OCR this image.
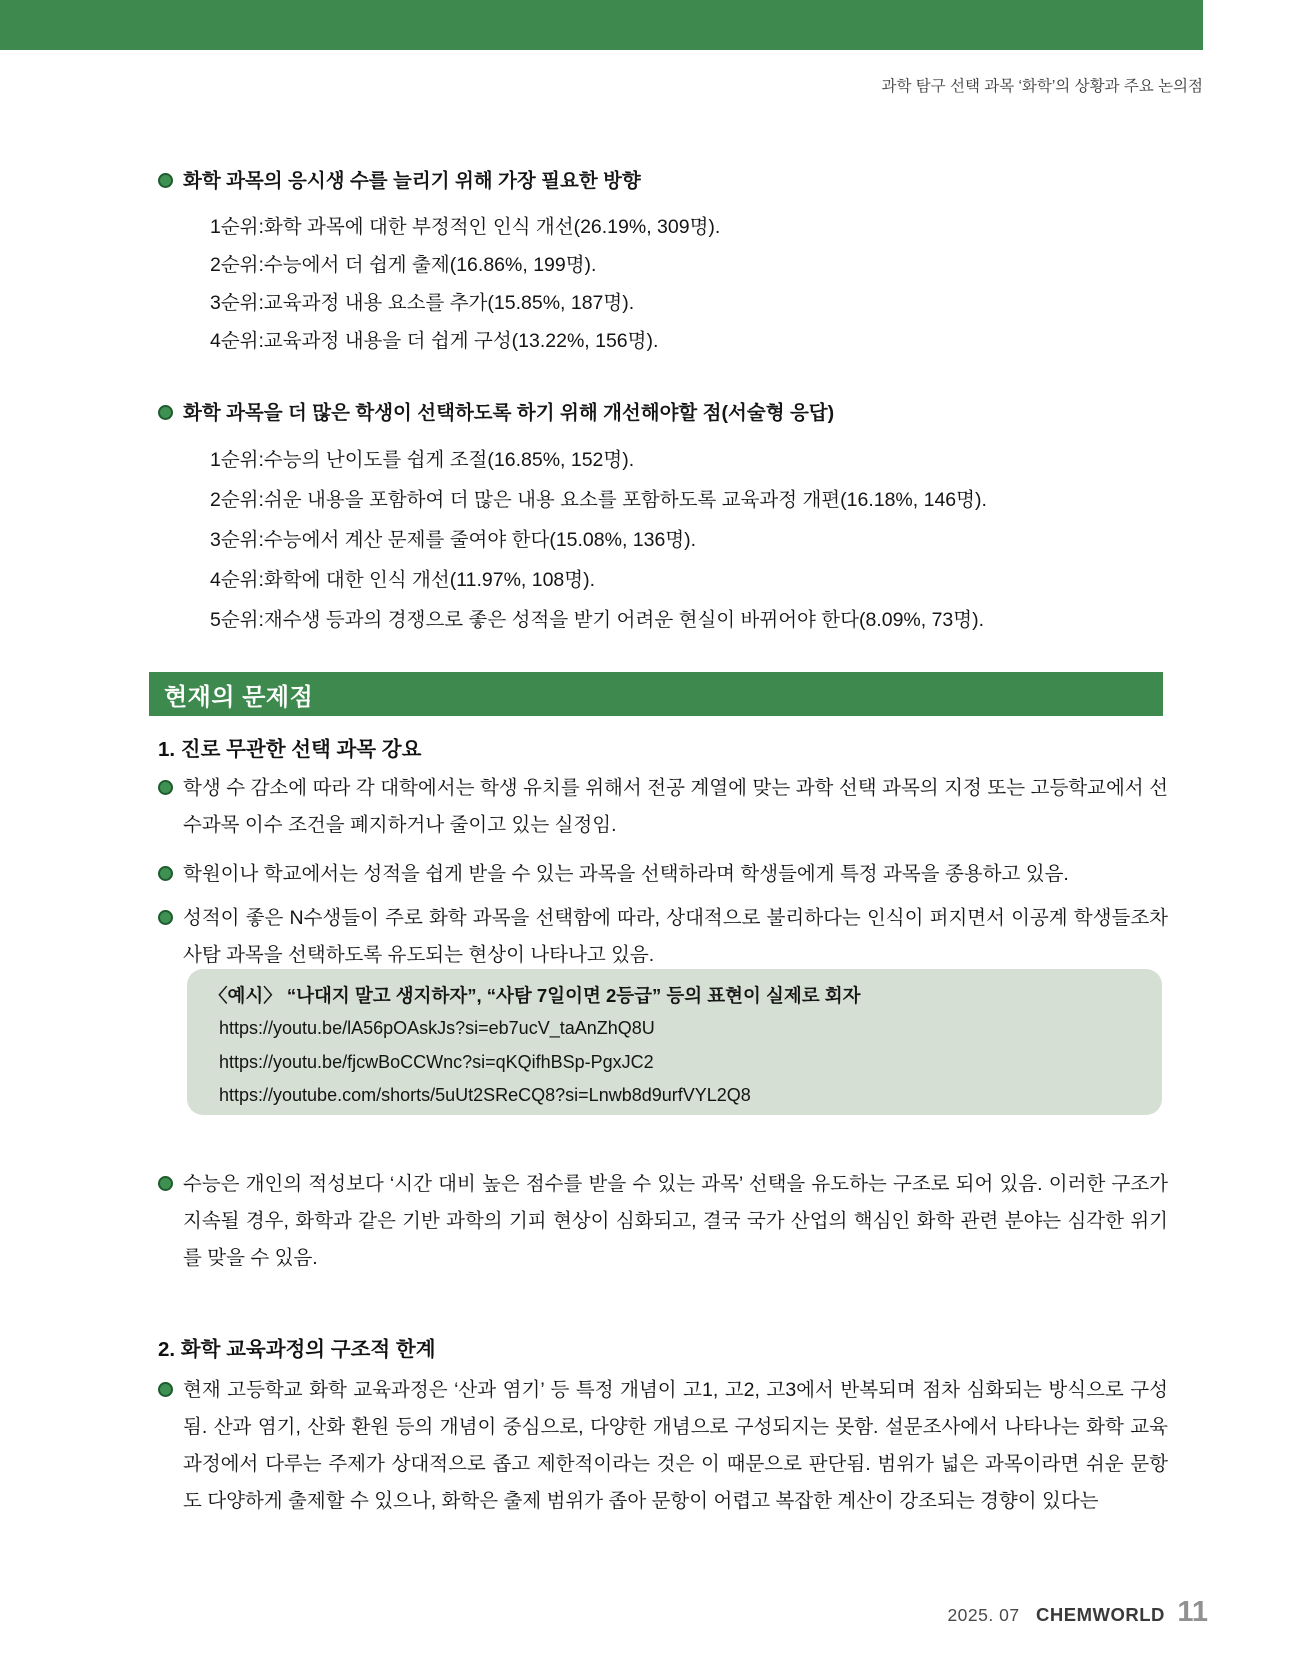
과학 탐구 선택 과목 ‘화학’의 상황과 주요 논의점
화학 과목의 응시생 수를 늘리기 위해 가장 필요한 방향
1순위:화학 과목에 대한 부정적인 인식 개선(26.19%, 309명).
2순위:수능에서 더 쉽게 출제(16.86%, 199명).
3순위:교육과정 내용 요소를 추가(15.85%, 187명).
4순위:교육과정 내용을 더 쉽게 구성(13.22%, 156명).
화학 과목을 더 많은 학생이 선택하도록 하기 위해 개선해야할 점(서술형 응답)
1순위:수능의 난이도를 쉽게 조절(16.85%, 152명).
2순위:쉬운 내용을 포함하여 더 많은 내용 요소를 포함하도록 교육과정 개편(16.18%, 146명).
3순위:수능에서 계산 문제를 줄여야 한다(15.08%, 136명).
4순위:화학에 대한 인식 개선(11.97%, 108명).
5순위:재수생 등과의 경쟁으로 좋은 성적을 받기 어려운 현실이 바뀌어야 한다(8.09%, 73명).
현재의 문제점
1. 진로 무관한 선택 과목 강요
학생 수 감소에 따라 각 대학에서는 학생 유치를 위해서 전공 계열에 맞는 과학 선택 과목의 지정 또는 고등학교에서 선수과목 이수 조건을 폐지하거나 줄이고 있는 실정임.
학원이나 학교에서는 성적을 쉽게 받을 수 있는 과목을 선택하라며 학생들에게 특정 과목을 종용하고 있음.
성적이 좋은 N수생들이 주로 화학 과목을 선택함에 따라, 상대적으로 불리하다는 인식이 퍼지면서 이공계 학생들조차 사탐 과목을 선택하도록 유도되는 현상이 나타나고 있음.
〈예시〉 “나대지 말고 생지하자”, “사탐 7일이면 2등급” 등의 표현이 실제로 회자
https://youtu.be/lA56pOAskJs?si=eb7ucV_taAnZhQ8U
https://youtu.be/fjcwBoCCWnc?si=qKQifhBSp-PgxJC2
https://youtube.com/shorts/5uUt2SReCQ8?si=Lnwb8d9urfVYL2Q8
수능은 개인의 적성보다 ‘시간 대비 높은 점수를 받을 수 있는 과목’ 선택을 유도하는 구조로 되어 있음. 이러한 구조가 지속될 경우, 화학과 같은 기반 과학의 기피 현상이 심화되고, 결국 국가 산업의 핵심인 화학 관련 분야는 심각한 위기를 맞을 수 있음.
2. 화학 교육과정의 구조적 한계
현재 고등학교 화학 교육과정은 ‘산과 염기’ 등 특정 개념이 고1, 고2, 고3에서 반복되며 점차 심화되는 방식으로 구성됨. 산과 염기, 산화 환원 등의 개념이 중심으로, 다양한 개념으로 구성되지는 못함. 설문조사에서 나타나는 화학 교육과정에서 다루는 주제가 상대적으로 좁고 제한적이라는 것은 이 때문으로 판단됨. 범위가 넓은 과목이라면 쉬운 문항도 다양하게 출제할 수 있으나, 화학은 출제 범위가 좁아 문항이 어렵고 복잡한 계산이 강조되는 경향이 있다는
2025. 07 CHEMWORLD 11
